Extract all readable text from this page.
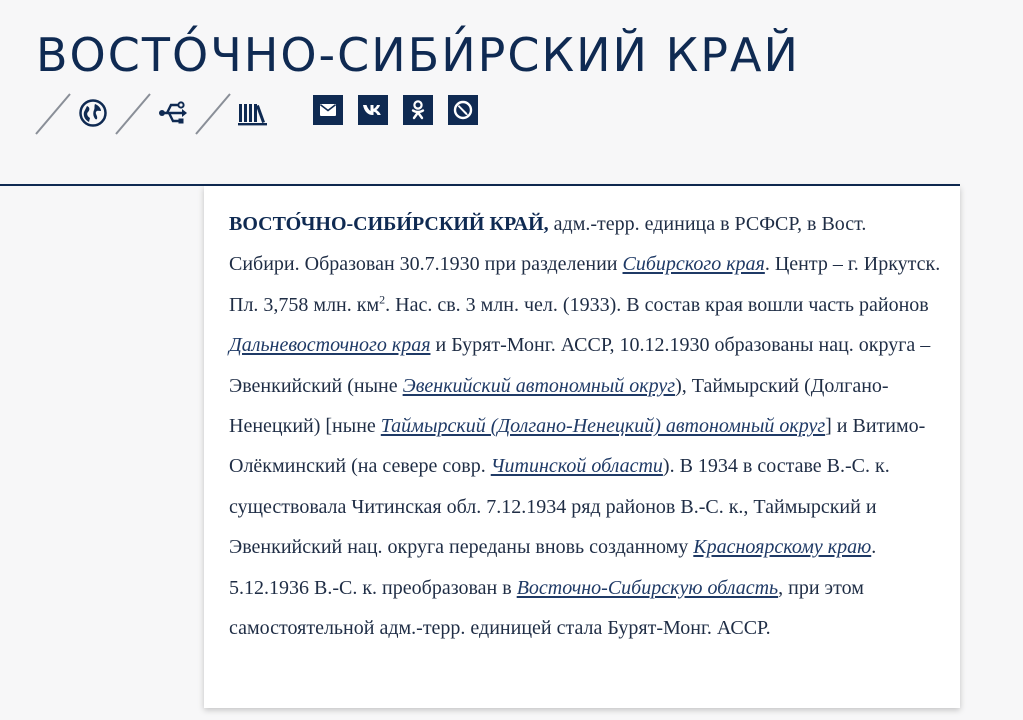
ВОСТО́ЧНО-СИБИ́РСКИЙ КРАЙ

ВОСТО́ЧНО-СИБИ́РСКИЙ КРАЙ, адм.-терр. единица в РСФСР, в Вост. Сибири. Образован 30.7.1930 при разделении Сибирского края. Центр – г. Иркутск. Пл. 3,758 млн. $км^2$. Нас. св. 3 млн. чел. (1933). В состав края вошли часть районов Дальневосточного края и Бурят-Монг. АССР, 10.12.1930 образованы нац. округа – Эвенкийский (ныне Эвенкийский автономный округ), Таймырский (Долгано-Ненецкий) [ныне Таймырский (Долгано-Ненецкий) автономный округ] и Витимо-Олёкминский (на севере совр. Читинской области). В 1934 в составе В.-С. к. существовала Читинская обл. 7.12.1934 ряд районов В.-С. к., Таймырский и Эвенкийский нац. округа переданы вновь созданному Красноярскому краю. 5.12.1936 В.-С. к. преобразован в Восточно-Сибирскую область, при этом самостоятельной адм.-терр. единицей стала Бурят-Монг. АССР.
